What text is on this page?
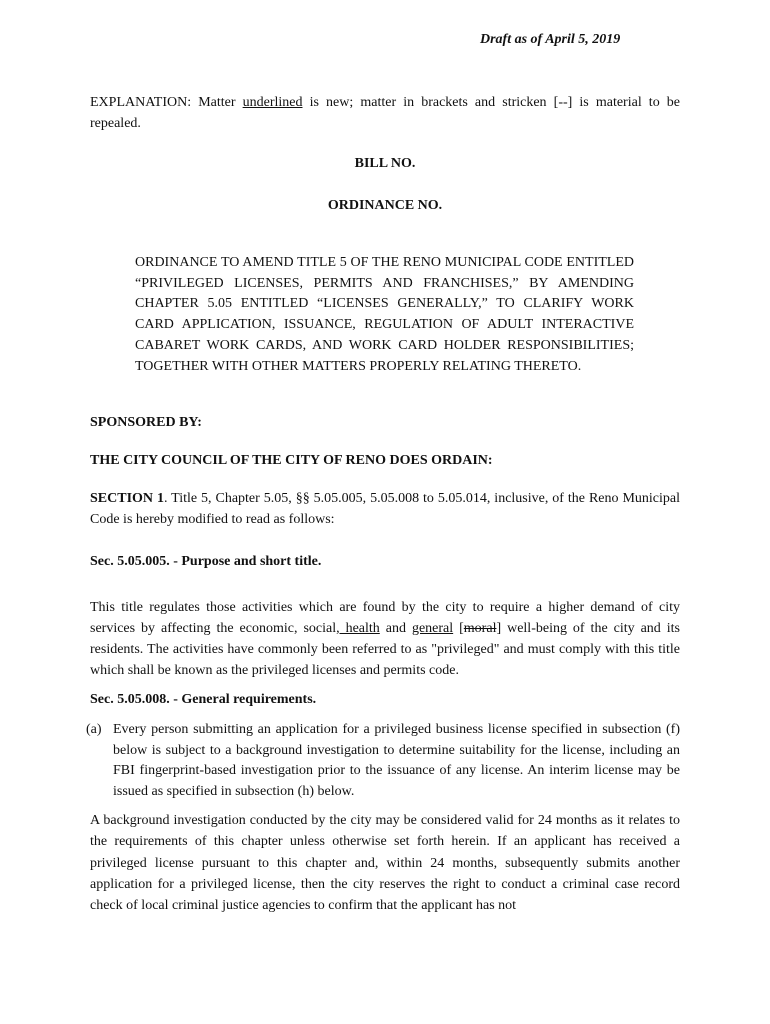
Draft as of April 5, 2019
EXPLANATION: Matter underlined is new; matter in brackets and stricken [--] is material to be repealed.
BILL NO.
ORDINANCE NO.
ORDINANCE TO AMEND TITLE 5 OF THE RENO MUNICIPAL CODE ENTITLED “PRIVILEGED LICENSES, PERMITS AND FRANCHISES,” BY AMENDING CHAPTER 5.05 ENTITLED “LICENSES GENERALLY,” TO CLARIFY WORK CARD APPLICATION, ISSUANCE, REGULATION OF ADULT INTERACTIVE CABARET WORK CARDS, AND WORK CARD HOLDER RESPONSIBILITIES; TOGETHER WITH OTHER MATTERS PROPERLY RELATING THERETO.
SPONSORED BY:
THE CITY COUNCIL OF THE CITY OF RENO DOES ORDAIN:
SECTION 1. Title 5, Chapter 5.05, §§ 5.05.005, 5.05.008 to 5.05.014, inclusive, of the Reno Municipal Code is hereby modified to read as follows:
Sec. 5.05.005. - Purpose and short title.
This title regulates those activities which are found by the city to require a higher demand of city services by affecting the economic, social, health and general [moral] well-being of the city and its residents. The activities have commonly been referred to as "privileged" and must comply with this title which shall be known as the privileged licenses and permits code.
Sec. 5.05.008. - General requirements.
(a) Every person submitting an application for a privileged business license specified in subsection (f) below is subject to a background investigation to determine suitability for the license, including an FBI fingerprint-based investigation prior to the issuance of any license. An interim license may be issued as specified in subsection (h) below.
A background investigation conducted by the city may be considered valid for 24 months as it relates to the requirements of this chapter unless otherwise set forth herein. If an applicant has received a privileged license pursuant to this chapter and, within 24 months, subsequently submits another application for a privileged license, then the city reserves the right to conduct a criminal case record check of local criminal justice agencies to confirm that the applicant has not
